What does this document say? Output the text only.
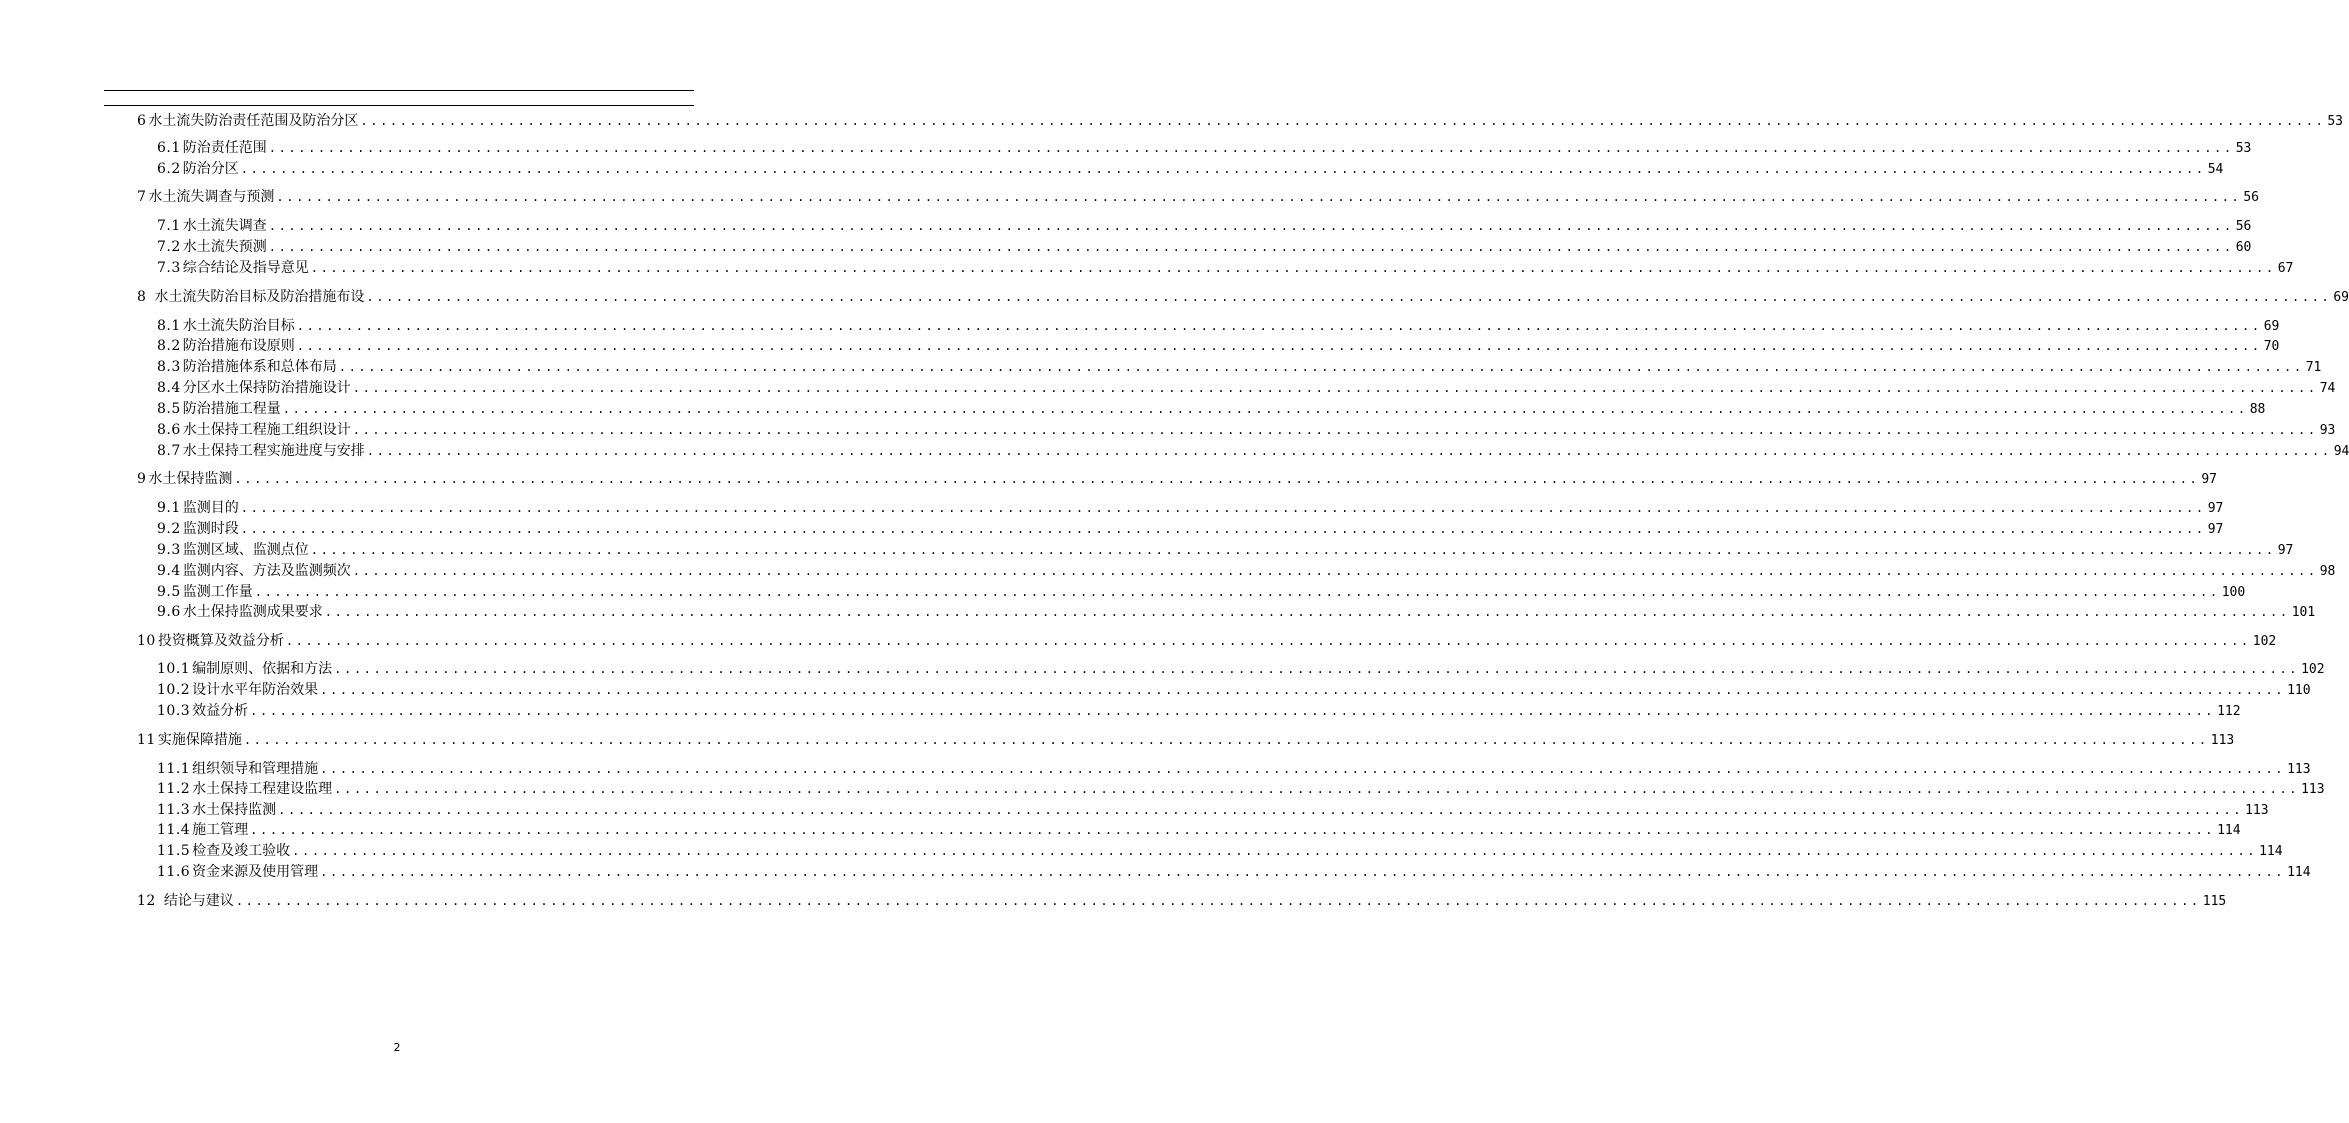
6 水土流失防治责任范围及防治分区 ........................................................................................................................................................................................................ 53
6.1 防治责任范围 ........................................................................................................................................................................................................ 53
6.2 防治分区 ........................................................................................................................................................................................................ 54
7 水土流失调查与预测 ........................................................................................................................................................................................................ 56
7.1 水土流失调查 ........................................................................................................................................................................................................ 56
7.2 水土流失预测 ........................................................................................................................................................................................................ 60
7.3 综合结论及指导意见 ........................................................................................................................................................................................................ 67
8 水土流失防治目标及防治措施布设 ........................................................................................................................................................................................................ 69
8.1 水土流失防治目标 ........................................................................................................................................................................................................ 69
8.2 防治措施布设原则 ........................................................................................................................................................................................................ 70
8.3 防治措施体系和总体布局 ........................................................................................................................................................................................................ 71
8.4 分区水土保持防治措施设计 ........................................................................................................................................................................................................ 74
8.5 防治措施工程量 ........................................................................................................................................................................................................ 88
8.6 水土保持工程施工组织设计 ........................................................................................................................................................................................................ 93
8.7 水土保持工程实施进度与安排 ........................................................................................................................................................................................................ 94
9 水土保持监测 ........................................................................................................................................................................................................ 97
9.1 监测目的 ........................................................................................................................................................................................................ 97
9.2 监测时段 ........................................................................................................................................................................................................ 97
9.3 监测区域、监测点位 ........................................................................................................................................................................................................ 97
9.4 监测内容、方法及监测频次 ........................................................................................................................................................................................................ 98
9.5 监测工作量 ........................................................................................................................................................................................................ 100
9.6 水土保持监测成果要求 ........................................................................................................................................................................................................ 101
10 投资概算及效益分析 ........................................................................................................................................................................................................ 102
10.1 编制原则、依据和方法 ........................................................................................................................................................................................................ 102
10.2 设计水平年防治效果 ........................................................................................................................................................................................................ 110
10.3 效益分析 ........................................................................................................................................................................................................ 112
11 实施保障措施 ........................................................................................................................................................................................................ 113
11.1 组织领导和管理措施 ........................................................................................................................................................................................................ 113
11.2 水土保持工程建设监理 ........................................................................................................................................................................................................ 113
11.3 水土保持监测 ........................................................................................................................................................................................................ 113
11.4 施工管理 ........................................................................................................................................................................................................ 114
11.5 检查及竣工验收 ........................................................................................................................................................................................................ 114
11.6 资金来源及使用管理 ........................................................................................................................................................................................................ 114
12 结论与建议 ........................................................................................................................................................................................................ 115
2
